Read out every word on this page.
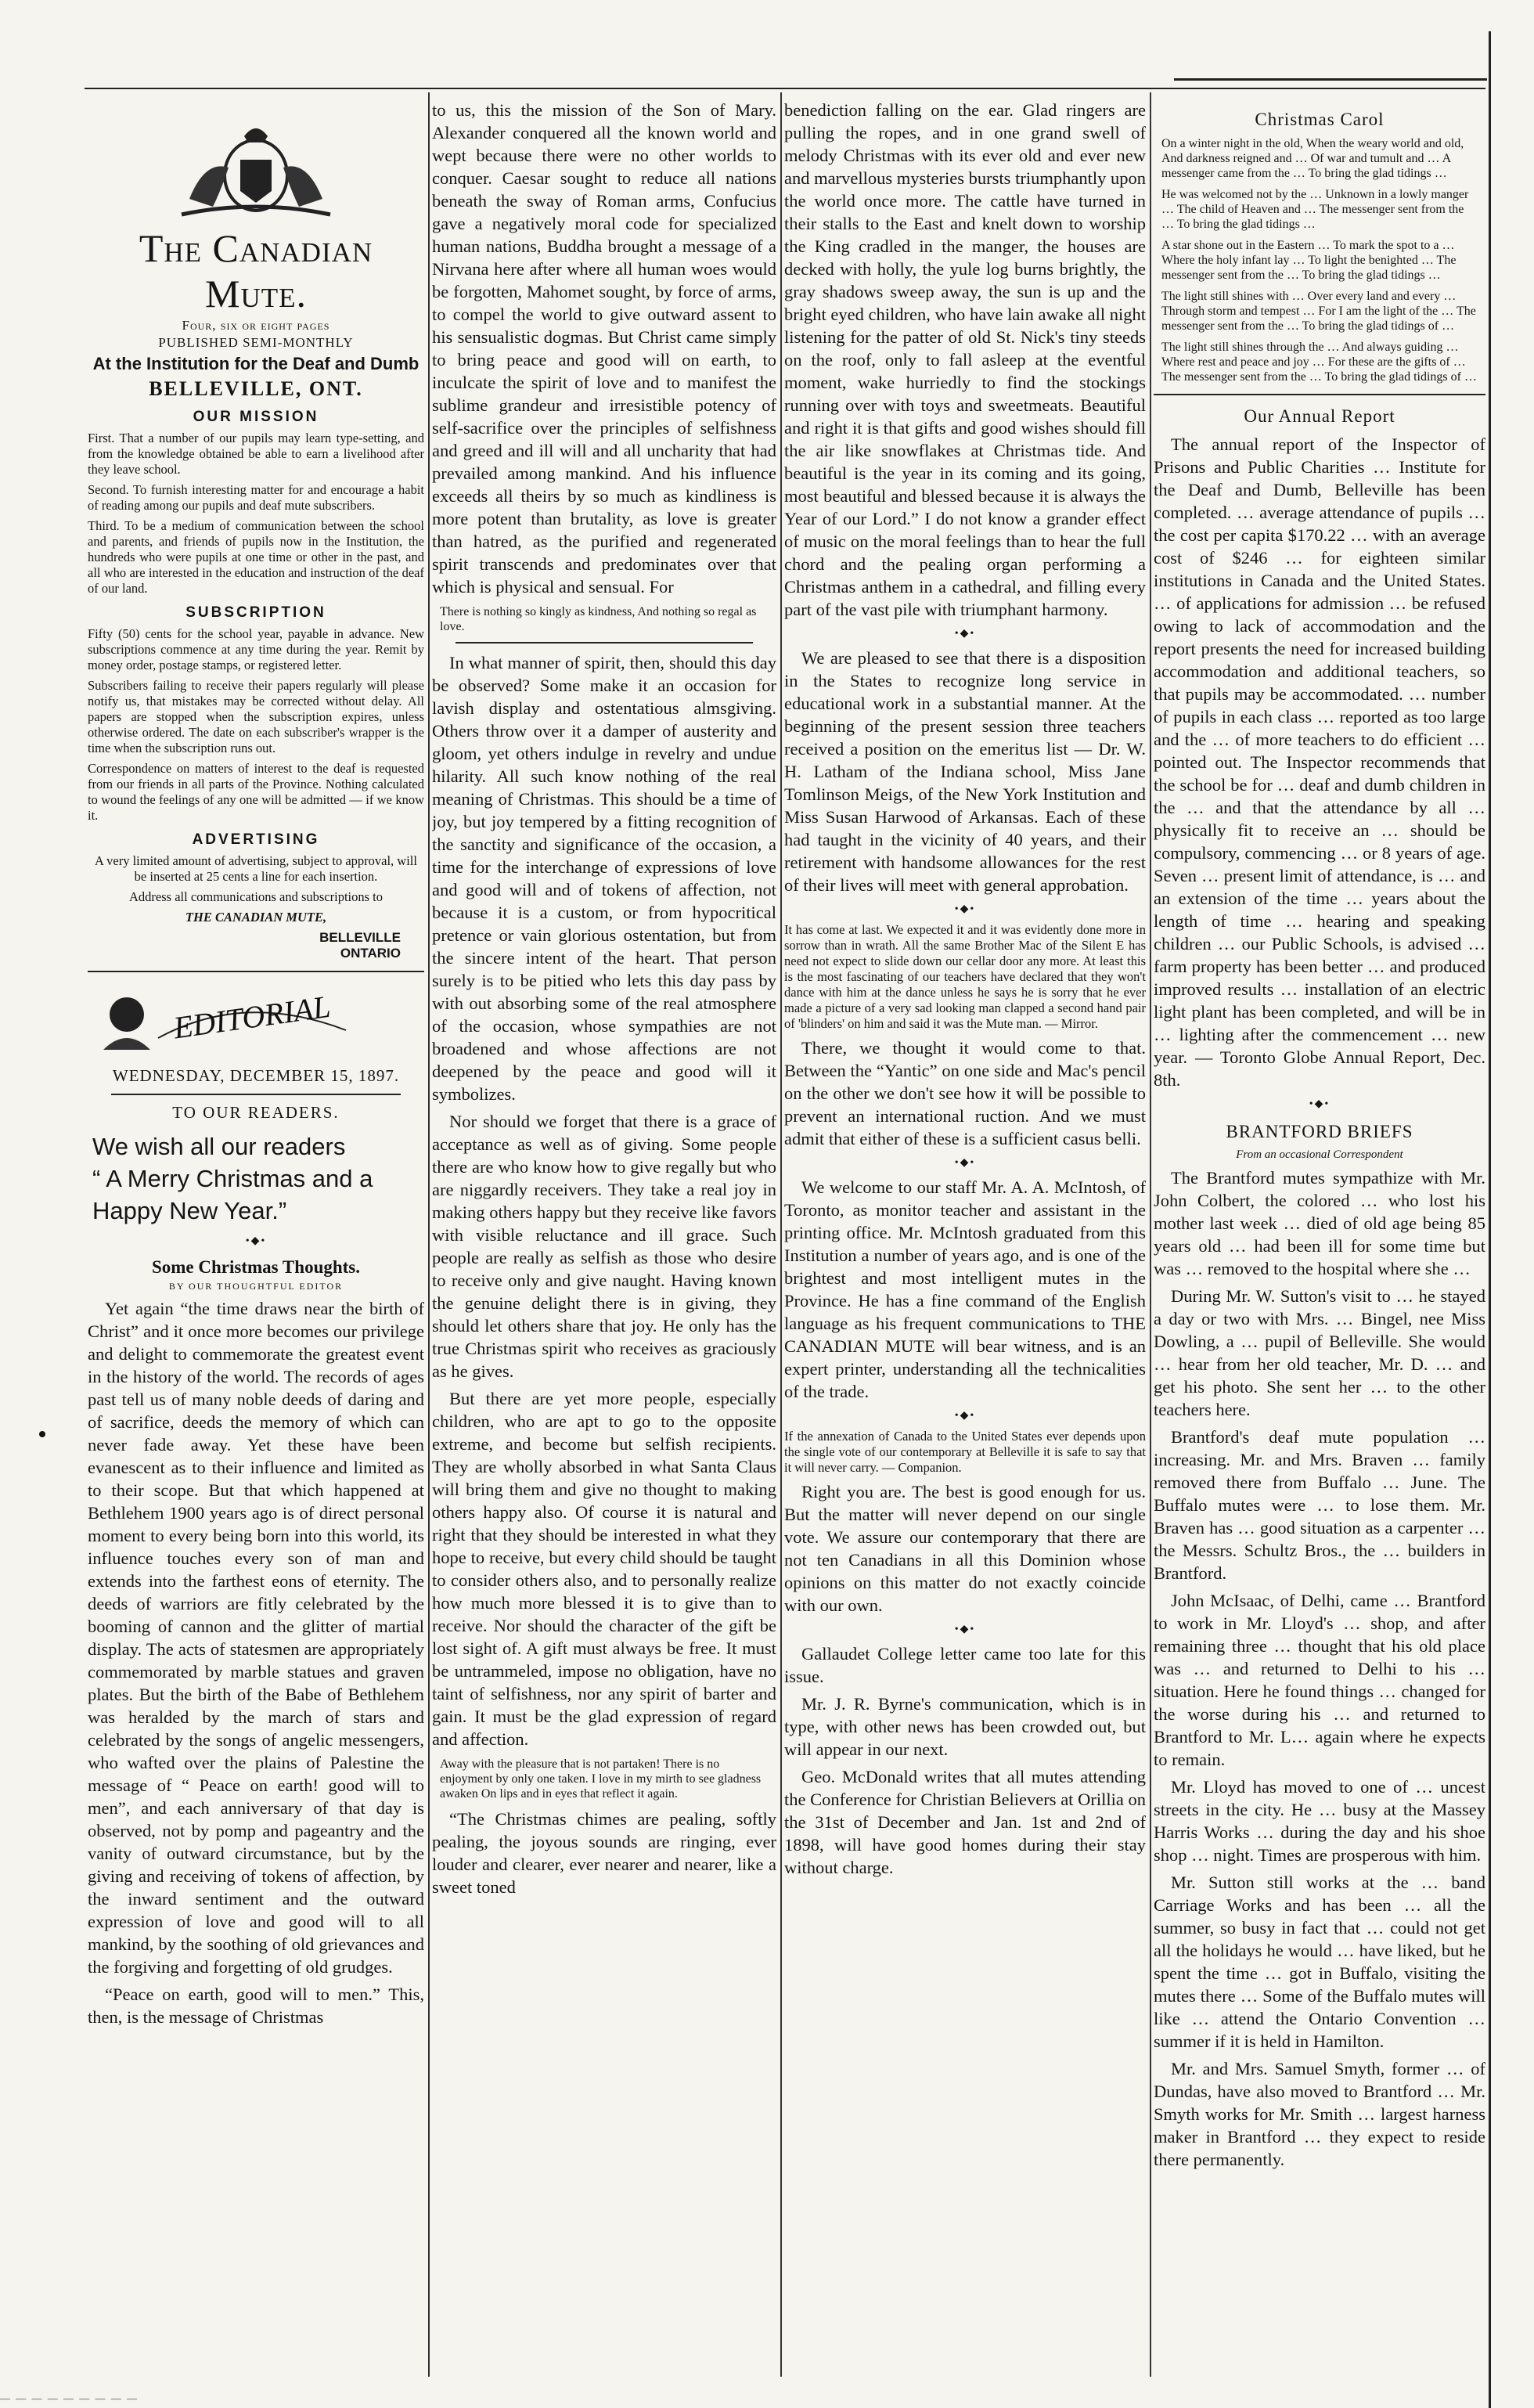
The Canadian Mute.
Four, six or eight pages
PUBLISHED SEMI-MONTHLY
At the Institution for the Deaf and Dumb
BELLEVILLE, ONT.
OUR MISSION

First. That a number of our pupils may learn type-setting, and from the knowledge obtained be able to earn a livelihood after they leave school.

Second. To furnish interesting matter for and encourage a habit of reading among our pupils and deaf mute subscribers.

Third. To be a medium of communication between the school and parents, and friends of pupils now in the Institution, the hundreds who were pupils at one time or other in the past, and all who are interested in the education and instruction of the deaf of our land.

SUBSCRIPTION

Fifty (50) cents for the school year, payable in advance. New subscriptions commence at any time during the year. Remit by money order, postage stamps, or registered letter.

Subscribers failing to receive their papers regularly will please notify us, that mistakes may be corrected without delay. All papers are stopped when the subscription expires, unless otherwise ordered. The date on each subscriber's wrapper is the time when the subscription runs out.

Correspondence on matters of interest to the deaf is requested from our friends in all parts of the Province. Nothing calculated to wound the feelings of any one will be admitted — if we know it.

ADVERTISING

A very limited amount of advertising, subject to approval, will be inserted at 25 cents a line for each insertion.

Address all communications and subscriptions to

THE CANADIAN MUTE,

BELLEVILLE
ONTARIO
EDITORIAL
WEDNESDAY, DECEMBER 15, 1897.
TO OUR READERS.
We wish all our readers
“ A Merry Christmas and a
Happy New Year.”
•◆•
Some Christmas Thoughts.
BY OUR THOUGHTFUL EDITOR

Yet again “the time draws near the birth of Christ” and it once more becomes our privilege and delight to commemorate the greatest event in the history of the world. The records of ages past tell us of many noble deeds of daring and of sacrifice, deeds the memory of which can never fade away. Yet these have been evanescent as to their influence and limited as to their scope. But that which happened at Bethlehem 1900 years ago is of direct personal moment to every being born into this world, its influence touches every son of man and extends into the farthest eons of eternity. The deeds of warriors are fitly celebrated by the booming of cannon and the glitter of martial display. The acts of statesmen are appropriately commemorated by marble statues and graven plates. But the birth of the Babe of Bethlehem was heralded by the march of stars and celebrated by the songs of angelic messengers, who wafted over the plains of Palestine the message of “ Peace on earth! good will to men”, and each anniversary of that day is observed, not by pomp and pageantry and the vanity of outward circumstance, but by the giving and receiving of tokens of affection, by the inward sentiment and the outward expression of love and good will to all mankind, by the soothing of old grievances and the forgiving and forgetting of old grudges.

“Peace on earth, good will to men.” This, then, is the message of Christmas

to us, this the mission of the Son of Mary. Alexander conquered all the known world and wept because there were no other worlds to conquer. Caesar sought to reduce all nations beneath the sway of Roman arms, Confucius gave a negatively moral code for specialized human nations, Buddha brought a message of a Nirvana here after where all human woes would be forgotten, Mahomet sought, by force of arms, to compel the world to give outward assent to his sensualistic dogmas. But Christ came simply to bring peace and good will on earth, to inculcate the spirit of love and to manifest the sublime grandeur and irresistible potency of self-sacrifice over the principles of selfishness and greed and ill will and all uncharity that had prevailed among mankind. And his influence exceeds all theirs by so much as kindliness is more potent than brutality, as love is greater than hatred, as the purified and regenerated spirit transcends and predominates over that which is physical and sensual. For

There is nothing so kingly as kindness, And nothing so regal as love.

In what manner of spirit, then, should this day be observed? Some make it an occasion for lavish display and ostentatious almsgiving. Others throw over it a damper of austerity and gloom, yet others indulge in revelry and undue hilarity. All such know nothing of the real meaning of Christmas. This should be a time of joy, but joy tempered by a fitting recognition of the sanctity and significance of the occasion, a time for the interchange of expressions of love and good will and of tokens of affection, not because it is a custom, or from hypocritical pretence or vain glorious ostentation, but from the sincere intent of the heart. That person surely is to be pitied who lets this day pass by with out absorbing some of the real atmosphere of the occasion, whose sympathies are not broadened and whose affections are not deepened by the peace and good will it symbolizes.

Nor should we forget that there is a grace of acceptance as well as of giving. Some people there are who know how to give regally but who are niggardly receivers. They take a real joy in making others happy but they receive like favors with visible reluctance and ill grace. Such people are really as selfish as those who desire to receive only and give naught. Having known the genuine delight there is in giving, they should let others share that joy. He only has the true Christmas spirit who receives as graciously as he gives.

But there are yet more people, especially children, who are apt to go to the opposite extreme, and become but selfish recipients. They are wholly absorbed in what Santa Claus will bring them and give no thought to making others happy also. Of course it is natural and right that they should be interested in what they hope to receive, but every child should be taught to consider others also, and to personally realize how much more blessed it is to give than to receive. Nor should the character of the gift be lost sight of. A gift must always be free. It must be untrammeled, impose no obligation, have no taint of selfishness, nor any spirit of barter and gain. It must be the glad expression of regard and affection.

Away with the pleasure that is not partaken! There is no enjoyment by only one taken. I love in my mirth to see gladness awaken On lips and in eyes that reflect it again.

“The Christmas chimes are pealing, softly pealing, the joyous sounds are ringing, ever louder and clearer, ever nearer and nearer, like a sweet toned

benediction falling on the ear. Glad ringers are pulling the ropes, and in one grand swell of melody Christmas with its ever old and ever new and marvellous mysteries bursts triumphantly upon the world once more. The cattle have turned in their stalls to the East and knelt down to worship the King cradled in the manger, the houses are decked with holly, the yule log burns brightly, the gray shadows sweep away, the sun is up and the bright eyed children, who have lain awake all night listening for the patter of old St. Nick's tiny steeds on the roof, only to fall asleep at the eventful moment, wake hurriedly to find the stockings running over with toys and sweetmeats. Beautiful and right it is that gifts and good wishes should fill the air like snowflakes at Christmas tide. And beautiful is the year in its coming and its going, most beautiful and blessed because it is always the Year of our Lord.” I do not know a grander effect of music on the moral feelings than to hear the full chord and the pealing organ performing a Christmas anthem in a cathedral, and filling every part of the vast pile with triumphant harmony.

•◆•

We are pleased to see that there is a disposition in the States to recognize long service in educational work in a substantial manner. At the beginning of the present session three teachers received a position on the emeritus list — Dr. W. H. Latham of the Indiana school, Miss Jane Tomlinson Meigs, of the New York Institution and Miss Susan Harwood of Arkansas. Each of these had taught in the vicinity of 40 years, and their retirement with handsome allowances for the rest of their lives will meet with general approbation.

•◆•

It has come at last. We expected it and it was evidently done more in sorrow than in wrath. All the same Brother Mac of the Silent E has need not expect to slide down our cellar door any more. At least this is the most fascinating of our teachers have declared that they won't dance with him at the dance unless he says he is sorry that he ever made a picture of a very sad looking man clapped a second hand pair of 'blinders' on him and said it was the Mute man. — Mirror.

There, we thought it would come to that. Between the “Yantic” on one side and Mac's pencil on the other we don't see how it will be possible to prevent an international ruction. And we must admit that either of these is a sufficient casus belli.

•◆•

We welcome to our staff Mr. A. A. McIntosh, of Toronto, as monitor teacher and assistant in the printing office. Mr. McIntosh graduated from this Institution a number of years ago, and is one of the brightest and most intelligent mutes in the Province. He has a fine command of the English language as his frequent communications to THE CANADIAN MUTE will bear witness, and is an expert printer, understanding all the technicalities of the trade.

•◆•

If the annexation of Canada to the United States ever depends upon the single vote of our contemporary at Belleville it is safe to say that it will never carry. — Companion.

Right you are. The best is good enough for us. But the matter will never depend on our single vote. We assure our contemporary that there are not ten Canadians in all this Dominion whose opinions on this matter do not exactly coincide with our own.

•◆•

Gallaudet College letter came too late for this issue.

Mr. J. R. Byrne's communication, which is in type, with other news has been crowded out, but will appear in our next.

Geo. McDonald writes that all mutes attending the Conference for Christian Believers at Orillia on the 31st of December and Jan. 1st and 2nd of 1898, will have good homes during their stay without charge.

Christmas Carol
On a winter night in the old, When the weary world and old, And darkness reigned and … Of war and tumult and … A messenger came from the … To bring the glad tidings …
He was welcomed not by the … Unknown in a lowly manger … The child of Heaven and … The messenger sent from the … To bring the glad tidings …
A star shone out in the Eastern … To mark the spot to a … Where the holy infant lay … To light the benighted … The messenger sent from the … To bring the glad tidings …
The light still shines with … Over every land and every … Through storm and tempest … For I am the light of the … The messenger sent from the … To bring the glad tidings of …
The light still shines through the … And always guiding … Where rest and peace and joy … For these are the gifts of … The messenger sent from the … To bring the glad tidings of …
Our Annual Report

The annual report of the Inspector of Prisons and Public Charities … Institute for the Deaf and Dumb, Belleville has been completed. … average attendance of pupils … the cost per capita $170.22 … with an average cost of $246 … for eighteen similar institutions in Canada and the United States. … of applications for admission … be refused owing to lack of accommodation and the report presents the need for increased building accommodation and additional teachers, so that pupils may be accommodated. … number of pupils in each class … reported as too large and the … of more teachers to do efficient … pointed out. The Inspector recommends that the school be for … deaf and dumb children in the … and that the attendance by all … physically fit to receive an … should be compulsory, commencing … or 8 years of age. Seven … present limit of attendance, is … and an extension of the time … years about the length of time … hearing and speaking children … our Public Schools, is advised … farm property has been better … and produced improved results … installation of an electric light plant has been completed, and will be in … lighting after the commencement … new year. — Toronto Globe Annual Report, Dec. 8th.

•◆•
BRANTFORD BRIEFS
From an occasional Correspondent

The Brantford mutes sympathize with Mr. John Colbert, the colored … who lost his mother last week … died of old age being 85 years old … had been ill for some time but was … removed to the hospital where she …

During Mr. W. Sutton's visit to … he stayed a day or two with Mrs. … Bingel, nee Miss Dowling, a … pupil of Belleville. She would … hear from her old teacher, Mr. D. … and get his photo. She sent her … to the other teachers here.

Brantford's deaf mute population … increasing. Mr. and Mrs. Braven … family removed there from Buffalo … June. The Buffalo mutes were … to lose them. Mr. Braven has … good situation as a carpenter … the Messrs. Schultz Bros., the … builders in Brantford.

John McIsaac, of Delhi, came … Brantford to work in Mr. Lloyd's … shop, and after remaining three … thought that his old place was … and returned to Delhi to his … situation. Here he found things … changed for the worse during his … and returned to Brantford to Mr. L… again where he expects to remain.

Mr. Lloyd has moved to one of … uncest streets in the city. He … busy at the Massey Harris Works … during the day and his shoe shop … night. Times are prosperous with him.

Mr. Sutton still works at the … band Carriage Works and has been … all the summer, so busy in fact that … could not get all the holidays he would … have liked, but he spent the time … got in Buffalo, visiting the mutes there … Some of the Buffalo mutes will like … attend the Ontario Convention … summer if it is held in Hamilton.

Mr. and Mrs. Samuel Smyth, former … of Dundas, have also moved to Brantford … Mr. Smyth works for Mr. Smith … largest harness maker in Brantford … they expect to reside there permanently.

— — — — — — — — —
